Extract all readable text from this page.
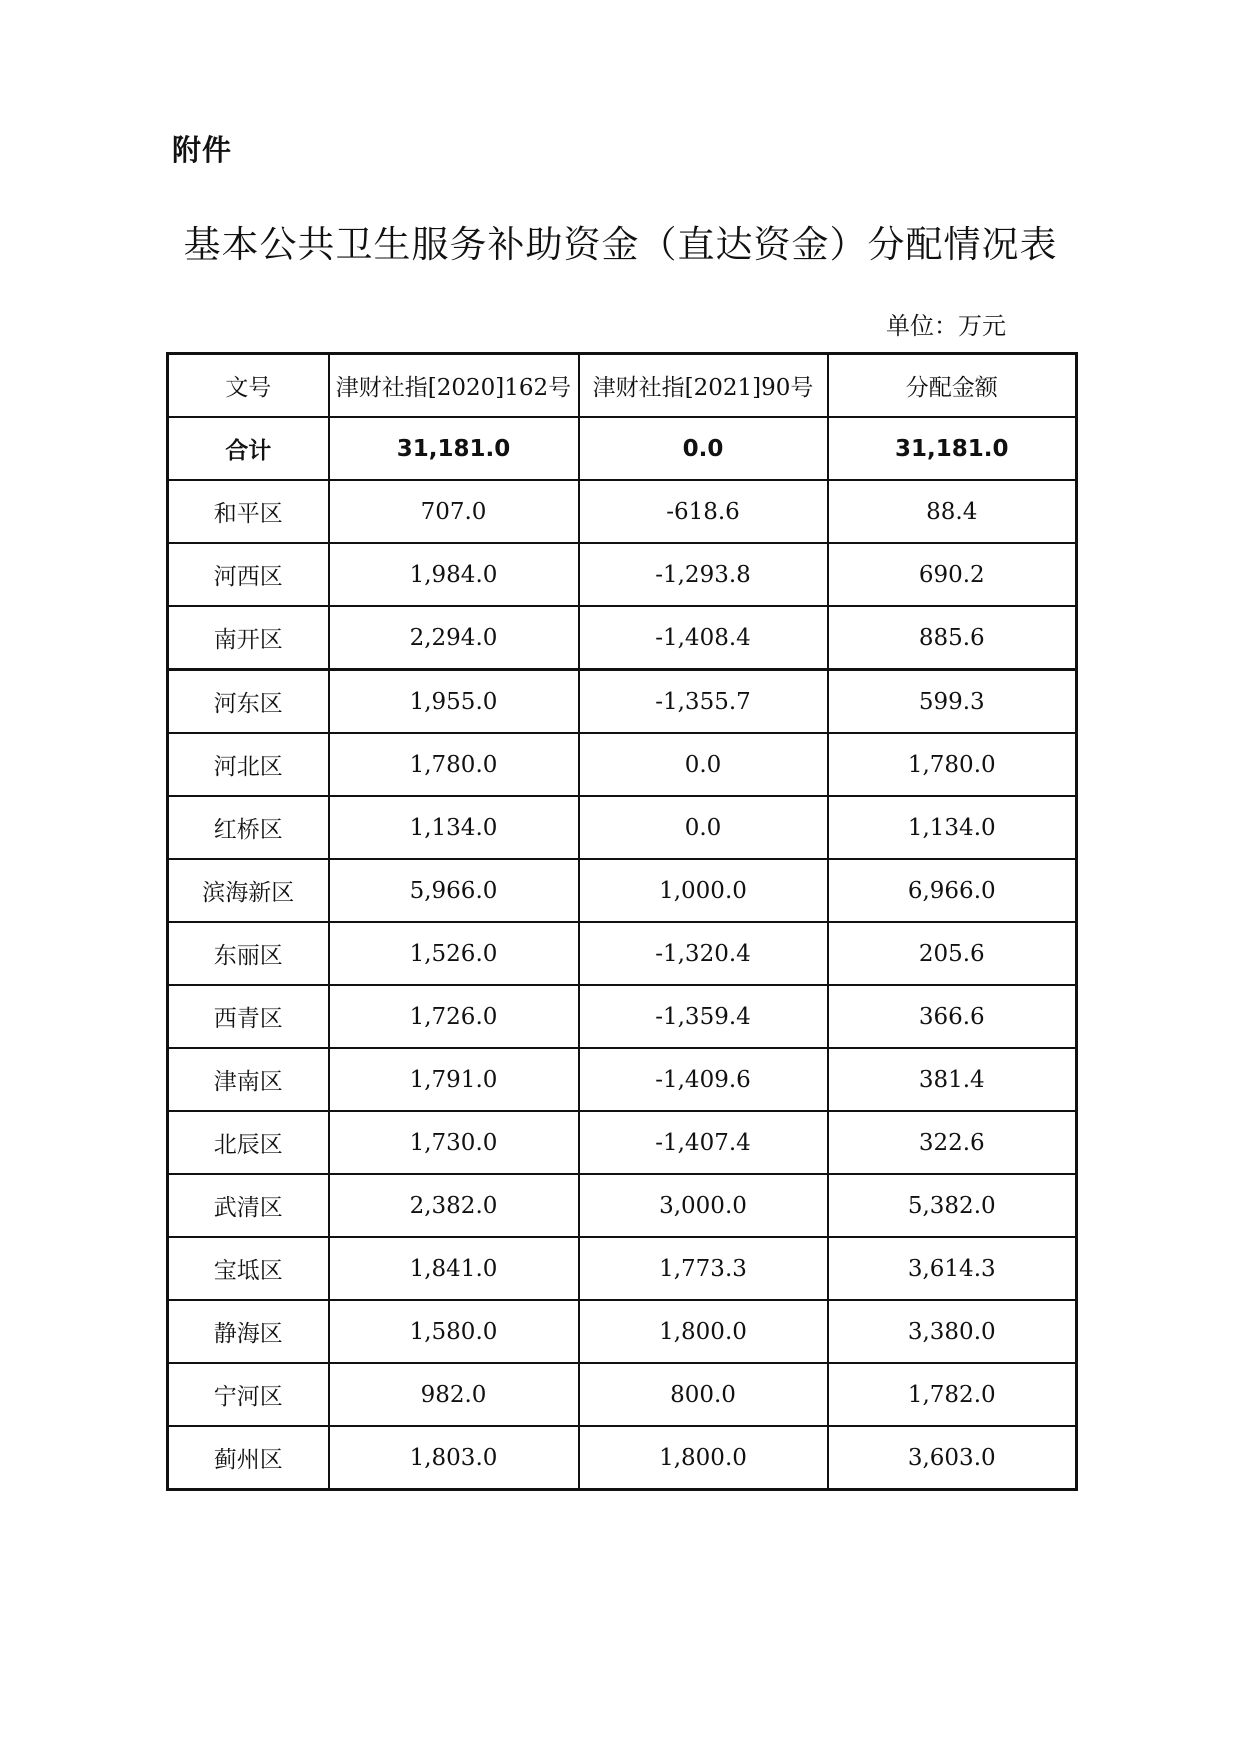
附件
基本公共卫生服务补助资金（直达资金）分配情况表
单位：万元
文号	津财社指[2020]162号	津财社指[2021]90号	分配金额
合计	31,181.0	0.0	31,181.0
和平区	707.0	-618.6	88.4
河西区	1,984.0	-1,293.8	690.2
南开区	2,294.0	-1,408.4	885.6
河东区	1,955.0	-1,355.7	599.3
河北区	1,780.0	0.0	1,780.0
红桥区	1,134.0	0.0	1,134.0
滨海新区	5,966.0	1,000.0	6,966.0
东丽区	1,526.0	-1,320.4	205.6
西青区	1,726.0	-1,359.4	366.6
津南区	1,791.0	-1,409.6	381.4
北辰区	1,730.0	-1,407.4	322.6
武清区	2,382.0	3,000.0	5,382.0
宝坻区	1,841.0	1,773.3	3,614.3
静海区	1,580.0	1,800.0	3,380.0
宁河区	982.0	800.0	1,782.0
蓟州区	1,803.0	1,800.0	3,603.0
